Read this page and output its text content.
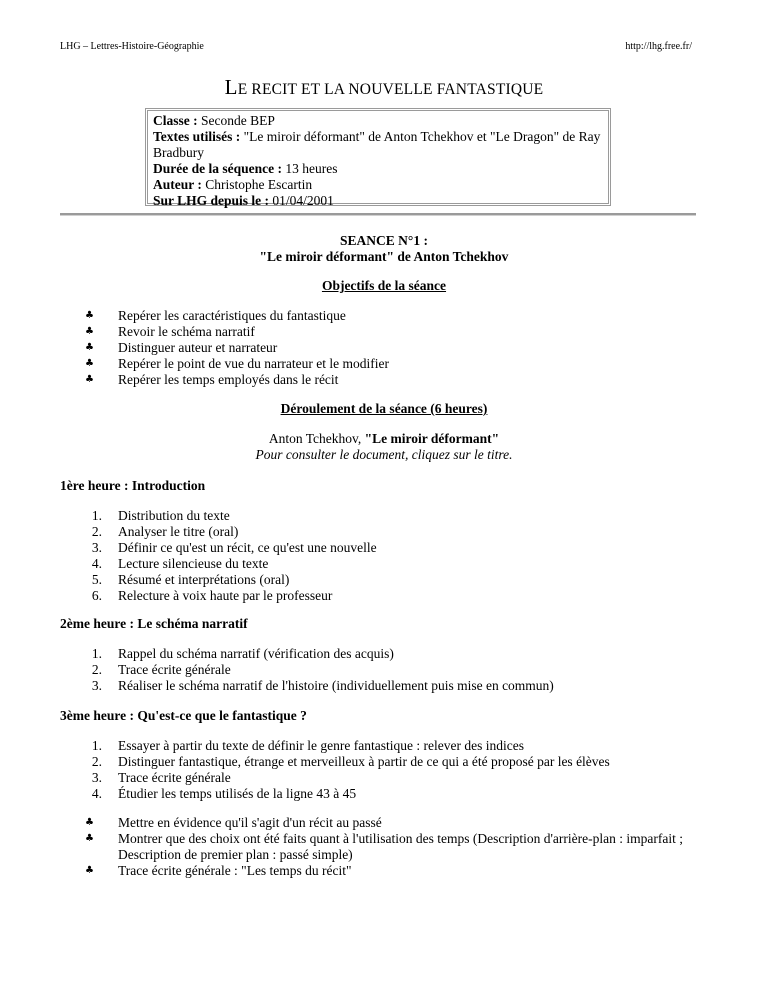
LHG – Lettres-Histoire-Géographie	http://lhg.free.fr/
LE RECIT ET LA NOUVELLE FANTASTIQUE
Classe : Seconde BEP
Textes utilisés : "Le miroir déformant" de Anton Tchekhov et "Le Dragon" de Ray Bradbury
Durée de la séquence : 13 heures
Auteur : Christophe Escartin
Sur LHG depuis le : 01/04/2001
SEANCE N°1 :
"Le miroir déformant" de Anton Tchekhov
Objectifs de la séance
♣ Repérer les caractéristiques du fantastique
♣ Revoir le schéma narratif
♣ Distinguer auteur et narrateur
♣ Repérer le point de vue du narrateur et le modifier
♣ Repérer les temps employés dans le récit
Déroulement de la séance (6 heures)
Anton Tchekhov, "Le miroir déformant"
Pour consulter le document, cliquez sur le titre.
1ère heure : Introduction
1. Distribution du texte
2. Analyser le titre (oral)
3. Définir ce qu'est un récit, ce qu'est une nouvelle
4. Lecture silencieuse du texte
5. Résumé et interprétations (oral)
6. Relecture à voix haute par le professeur
2ème heure : Le schéma narratif
1. Rappel du schéma narratif (vérification des acquis)
2. Trace écrite générale
3. Réaliser le schéma narratif de l'histoire (individuellement puis mise en commun)
3ème heure : Qu'est-ce que le fantastique ?
1. Essayer à partir du texte de définir le genre fantastique : relever des indices
2. Distinguer fantastique, étrange et merveilleux à partir de ce qui a été proposé par les élèves
3. Trace écrite générale
4. Étudier les temps utilisés de la ligne 43 à 45
♣ Mettre en évidence qu'il s'agit d'un récit au passé
♣ Montrer que des choix ont été faits quant à l'utilisation des temps (Description d'arrière-plan : imparfait ; Description de premier plan : passé simple)
♣ Trace écrite générale : "Les temps du récit"
